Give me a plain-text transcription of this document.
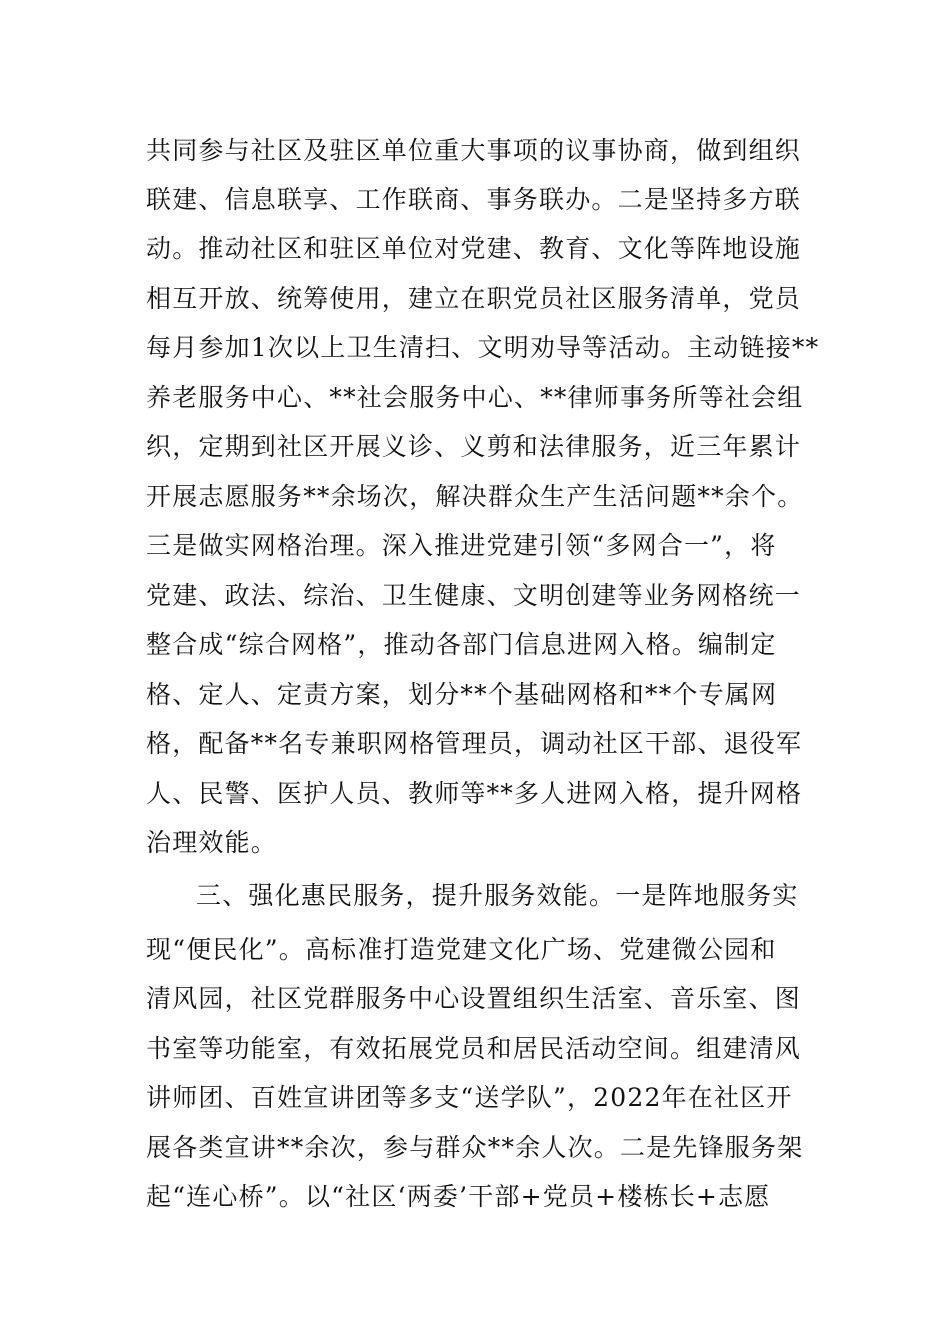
共同参与社区及驻区单位重大事项的议事协商，做到组织
联建、信息联享、工作联商、事务联办。二是坚持多方联
动。推动社区和驻区单位对党建、教育、文化等阵地设施
相互开放、统筹使用，建立在职党员社区服务清单，党员
每月参加1次以上卫生清扫、文明劝导等活动。主动链接**
养老服务中心、**社会服务中心、**律师事务所等社会组
织，定期到社区开展义诊、义剪和法律服务，近三年累计
开展志愿服务**余场次，解决群众生产生活问题**余个。
三是做实网格治理。深入推进党建引领“多网合一”，将
党建、政法、综治、卫生健康、文明创建等业务网格统一
整合成“综合网格”，推动各部门信息进网入格。编制定
格、定人、定责方案，划分**个基础网格和**个专属网
格，配备**名专兼职网格管理员，调动社区干部、退役军
人、民警、医护人员、教师等**多人进网入格，提升网格
治理效能。
三、强化惠民服务，提升服务效能。一是阵地服务实
现“便民化”。高标准打造党建文化广场、党建微公园和
清风园，社区党群服务中心设置组织生活室、音乐室、图
书室等功能室，有效拓展党员和居民活动空间。组建清风
讲师团、百姓宣讲团等多支“送学队”，2022年在社区开
展各类宣讲**余次，参与群众**余人次。二是先锋服务架
起“连心桥”。以“社区‘两委’干部+党员+楼栋长+志愿
